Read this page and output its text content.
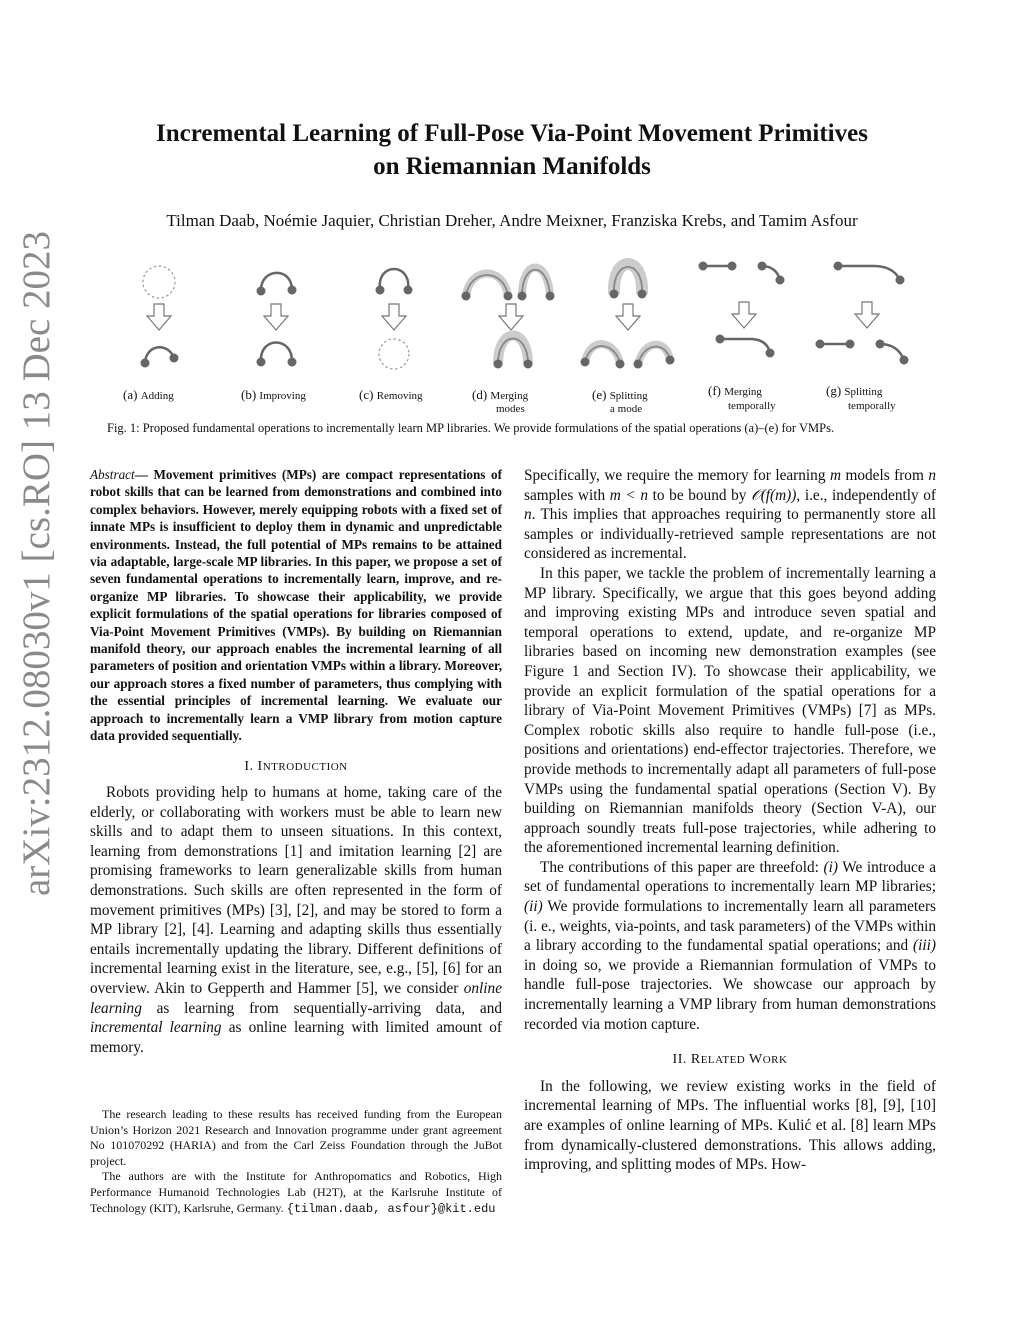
arXiv:2312.08030v1 [cs.RO] 13 Dec 2023
Incremental Learning of Full-Pose Via-Point Movement Primitives
on Riemannian Manifolds
Tilman Daab, Noémie Jaquier, Christian Dreher, Andre Meixner, Franziska Krebs, and Tamim Asfour
(a) Adding	(b) Improving	(c) Removing	(d) Merging
modes
(e) Splitting
a mode
(f) Merging
temporally
(g) Splitting
temporally
Fig. 1: Proposed fundamental operations to incrementally learn MP libraries. We provide formulations of the spatial operations (a)–(e) for VMPs.

Abstract— Movement primitives (MPs) are compact representations of robot skills that can be learned from demonstrations and combined into complex behaviors. However, merely equipping robots with a fixed set of innate MPs is insufficient to deploy them in dynamic and unpredictable environments. Instead, the full potential of MPs remains to be attained via adaptable, large-scale MP libraries. In this paper, we propose a set of seven fundamental operations to incrementally learn, improve, and re-organize MP libraries. To showcase their applicability, we provide explicit formulations of the spatial operations for libraries composed of Via-Point Movement Primitives (VMPs). By building on Riemannian manifold theory, our approach enables the incremental learning of all parameters of position and orientation VMPs within a library. Moreover, our approach stores a fixed number of parameters, thus complying with the essential principles of incremental learning. We evaluate our approach to incrementally learn a VMP library from motion capture data provided sequentially.

I. INTRODUCTION

Robots providing help to humans at home, taking care of the elderly, or collaborating with workers must be able to learn new skills and to adapt them to unseen situations. In this context, learning from demonstrations [1] and imitation learning [2] are promising frameworks to learn generalizable skills from human demonstrations. Such skills are often represented in the form of movement primitives (MPs) [3], [2], and may be stored to form a MP library [2], [4]. Learning and adapting skills thus essentially entails incrementally updating the library. Different definitions of incremental learning exist in the literature, see, e.g., [5], [6] for an overview. Akin to Gepperth and Hammer [5], we consider online learning as learning from sequentially-arriving data, and incremental learning as online learning with limited amount of memory.

The research leading to these results has received funding from the European Union’s Horizon 2021 Research and Innovation programme under grant agreement No 101070292 (HARIA) and from the Carl Zeiss Foundation through the JuBot project.

The authors are with the Institute for Anthropomatics and Robotics, High Performance Humanoid Technologies Lab (H2T), at the Karlsruhe Institute of Technology (KIT), Karlsruhe, Germany. {tilman.daab, asfour}@kit.edu

Specifically, we require the memory for learning m models from n samples with m < n to be bound by 𝒪(f(m)), i.e., independently of n. This implies that approaches requiring to permanently store all samples or individually-retrieved sample representations are not considered as incremental.

In this paper, we tackle the problem of incrementally learning a MP library. Specifically, we argue that this goes beyond adding and improving existing MPs and introduce seven spatial and temporal operations to extend, update, and re-organize MP libraries based on incoming new demonstration examples (see Figure 1 and Section IV). To showcase their applicability, we provide an explicit formulation of the spatial operations for a library of Via-Point Movement Primitives (VMPs) [7] as MPs. Complex robotic skills also require to handle full-pose (i.e., positions and orientations) end-effector trajectories. Therefore, we provide methods to incrementally adapt all parameters of full-pose VMPs using the fundamental spatial operations (Section V). By building on Riemannian manifolds theory (Section V-A), our approach soundly treats full-pose trajectories, while adhering to the aforementioned incremental learning definition.

The contributions of this paper are threefold: (i) We introduce a set of fundamental operations to incrementally learn MP libraries; (ii) We provide formulations to incrementally learn all parameters (i. e., weights, via-points, and task parameters) of the VMPs within a library according to the fundamental spatial operations; and (iii) in doing so, we provide a Riemannian formulation of VMPs to handle full-pose trajectories. We showcase our approach by incrementally learning a VMP library from human demonstrations recorded via motion capture.

II. RELATED WORK

In the following, we review existing works in the field of incremental learning of MPs. The influential works [8], [9], [10] are examples of online learning of MPs. Kulić et al. [8] learn MPs from dynamically-clustered demonstrations. This allows adding, improving, and splitting modes of MPs. How-
